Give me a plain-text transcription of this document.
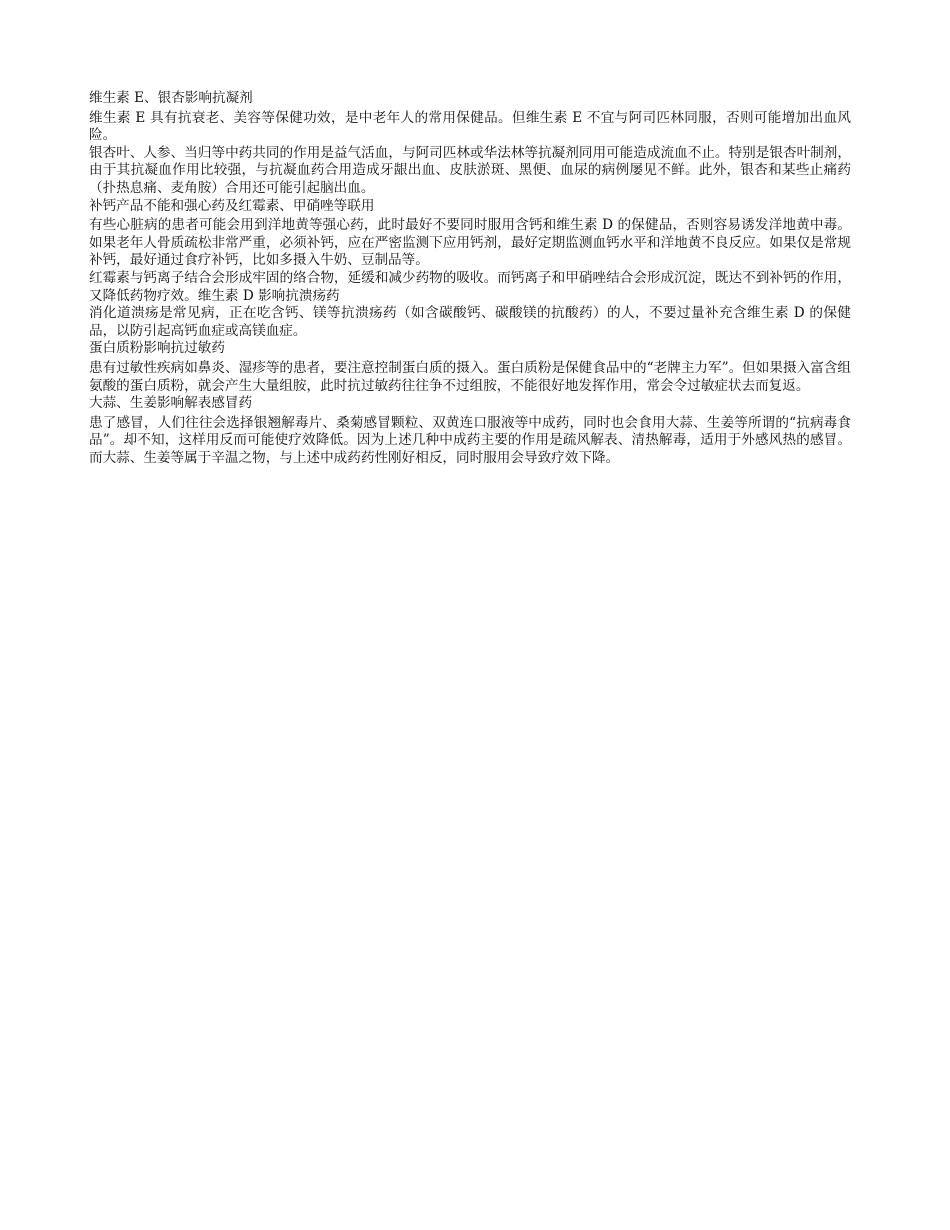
维生素 E、银杏影响抗凝剂

维生素 E 具有抗衰老、美容等保健功效，是中老年人的常用保健品。但维生素 E 不宜与阿司匹林同服，否则可能增加出血风险。

银杏叶、人参、当归等中药共同的作用是益气活血，与阿司匹林或华法林等抗凝剂同用可能造成流血不止。特别是银杏叶制剂，由于其抗凝血作用比较强，与抗凝血药合用造成牙龈出血、皮肤淤斑、黑便、血尿的病例屡见不鲜。此外，银杏和某些止痛药（扑热息痛、麦角胺）合用还可能引起脑出血。

补钙产品不能和强心药及红霉素、甲硝唑等联用

有些心脏病的患者可能会用到洋地黄等强心药，此时最好不要同时服用含钙和维生素 D 的保健品，否则容易诱发洋地黄中毒。如果老年人骨质疏松非常严重，必须补钙，应在严密监测下应用钙剂，最好定期监测血钙水平和洋地黄不良反应。如果仅是常规补钙，最好通过食疗补钙，比如多摄入牛奶、豆制品等。

红霉素与钙离子结合会形成牢固的络合物，延缓和减少药物的吸收。而钙离子和甲硝唑结合会形成沉淀，既达不到补钙的作用，又降低药物疗效。维生素 D 影响抗溃疡药

消化道溃疡是常见病，正在吃含钙、镁等抗溃疡药（如含碳酸钙、碳酸镁的抗酸药）的人，不要过量补充含维生素 D 的保健品，以防引起高钙血症或高镁血症。

蛋白质粉影响抗过敏药

患有过敏性疾病如鼻炎、湿疹等的患者，要注意控制蛋白质的摄入。蛋白质粉是保健食品中的“老牌主力军”。但如果摄入富含组氨酸的蛋白质粉，就会产生大量组胺，此时抗过敏药往往争不过组胺，不能很好地发挥作用，常会令过敏症状去而复返。

大蒜、生姜影响解表感冒药

患了感冒，人们往往会选择银翘解毒片、桑菊感冒颗粒、双黄连口服液等中成药，同时也会食用大蒜、生姜等所谓的“抗病毒食品”。却不知，这样用反而可能使疗效降低。因为上述几种中成药主要的作用是疏风解表、清热解毒，适用于外感风热的感冒。而大蒜、生姜等属于辛温之物，与上述中成药药性刚好相反，同时服用会导致疗效下降。
